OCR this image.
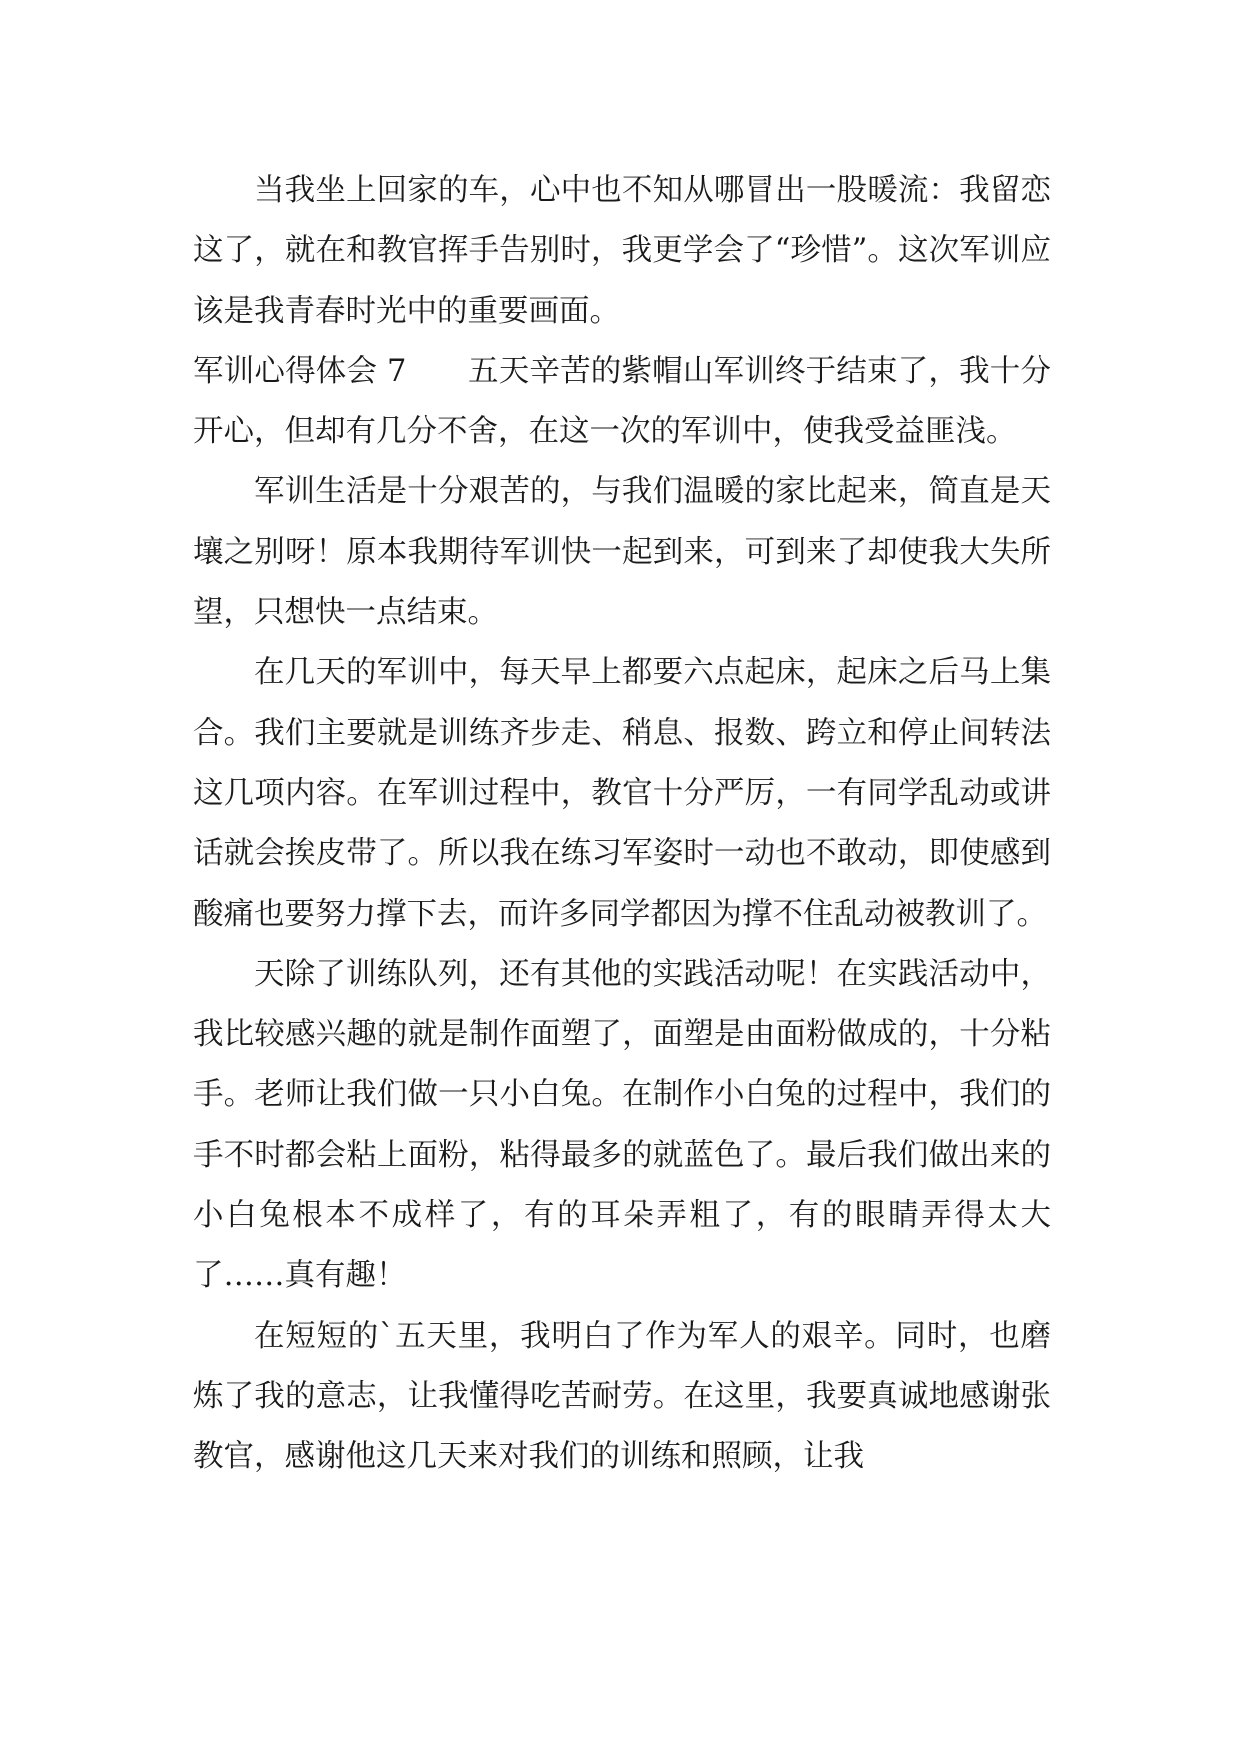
当我坐上回家的车，心中也不知从哪冒出一股暖流：我留恋这了，就在和教官挥手告别时，我更学会了“珍惜”。这次军训应该是我青春时光中的重要画面。

军训心得体会 7　　五天辛苦的紫帽山军训终于结束了，我十分开心，但却有几分不舍，在这一次的军训中，使我受益匪浅。

军训生活是十分艰苦的，与我们温暖的家比起来，简直是天壤之别呀！原本我期待军训快一起到来，可到来了却使我大失所望，只想快一点结束。

在几天的军训中，每天早上都要六点起床，起床之后马上集合。我们主要就是训练齐步走、稍息、报数、跨立和停止间转法这几项内容。在军训过程中，教官十分严厉，一有同学乱动或讲话就会挨皮带了。所以我在练习军姿时一动也不敢动，即使感到酸痛也要努力撑下去，而许多同学都因为撑不住乱动被教训了。

天除了训练队列，还有其他的实践活动呢！在实践活动中，我比较感兴趣的就是制作面塑了，面塑是由面粉做成的，十分粘手。老师让我们做一只小白兔。在制作小白兔的过程中，我们的手不时都会粘上面粉，粘得最多的就蓝色了。最后我们做出来的小白兔根本不成样了，有的耳朵弄粗了，有的眼睛弄得太大了……真有趣！

在短短的`五天里，我明白了作为军人的艰辛。同时，也磨炼了我的意志，让我懂得吃苦耐劳。在这里，我要真诚地感谢张教官，感谢他这几天来对我们的训练和照顾，让我
